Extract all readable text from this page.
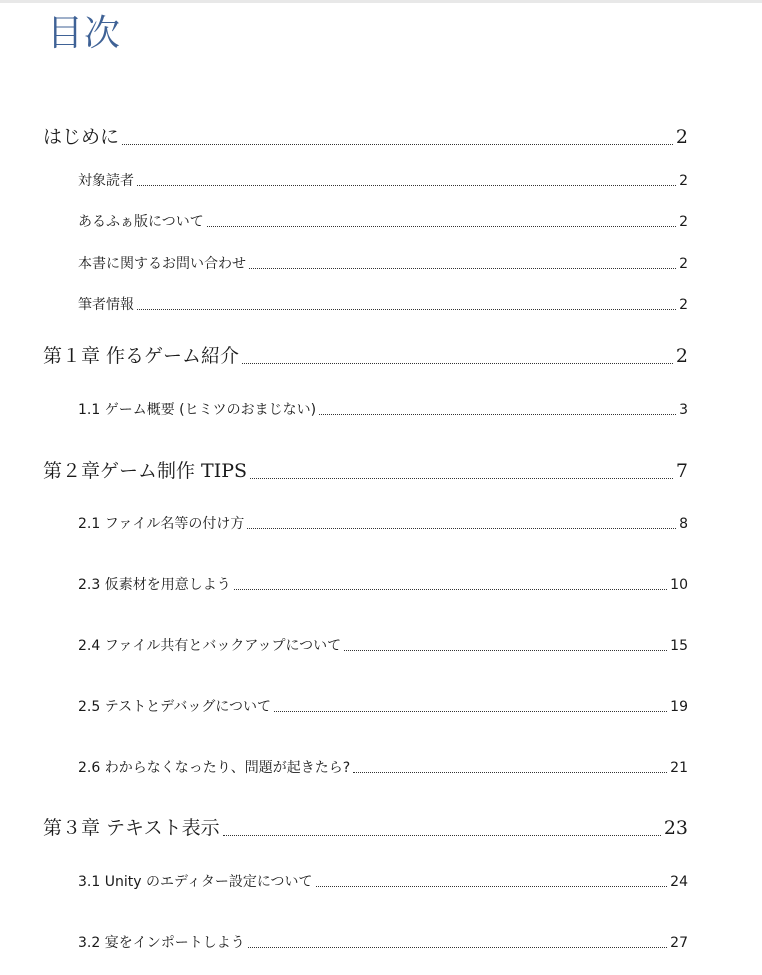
目次
はじめに	2
対象読者	2
あるふぁ版について	2
本書に関するお問い合わせ	2
筆者情報	2
第１章 作るゲーム紹介	2
1.1 ゲーム概要 (ヒミツのおまじない)	3
第２章ゲーム制作 TIPS	7
2.1 ファイル名等の付け方	8
2.3 仮素材を用意しよう	10
2.4 ファイル共有とバックアップについて	15
2.5 テストとデバッグについて	19
2.6 わからなくなったり、問題が起きたら?	21
第３章 テキスト表示	23
3.1 Unity のエディター設定について	24
3.2 宴をインポートしよう	27
